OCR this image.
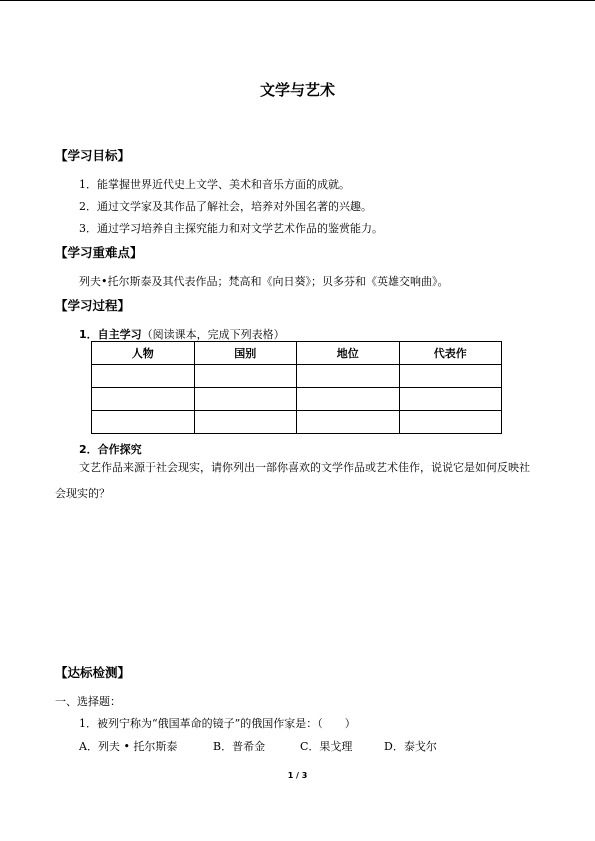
文学与艺术
【学习目标】
1．能掌握世界近代史上文学、美术和音乐方面的成就。
2．通过文学家及其作品了解社会，培养对外国名著的兴趣。
3．通过学习培养自主探究能力和对文学艺术作品的鉴赏能力。
【学习重难点】
列夫•托尔斯泰及其代表作品；梵高和《向日葵》；贝多芬和《英雄交响曲》。
【学习过程】
1．自主学习（阅读课本，完成下列表格）
人物	国别	地位	代表作

2．合作探究
文艺作品来源于社会现实，请你列出一部你喜欢的文学作品或艺术佳作，说说它是如何反映社会现实的？
【达标检测】
一、选择题：
1．被列宁称为“俄国革命的镜子”的俄国作家是：（　　）
A．列夫 • 托尔斯泰	B．普希金	C．果戈理	D．泰戈尔
1 / 3
